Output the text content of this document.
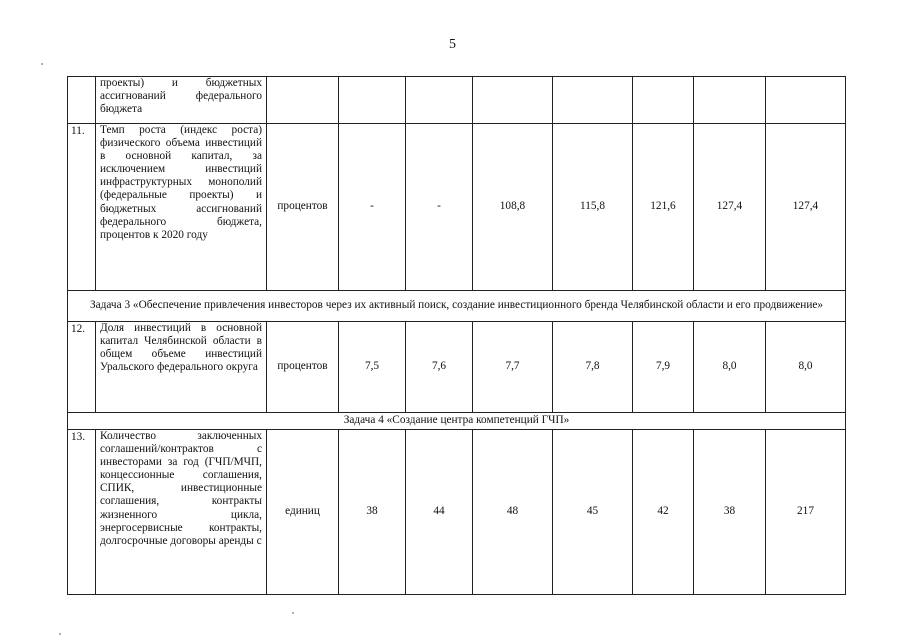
5
	проекты) и бюджетных ассигнований федерального бюджета								
11.	Темп роста (индекс роста) физического объема инвестиций в основной капитал, за исключением инвестиций инфраструктурных монополий (федеральные проекты) и бюджетных ассигнований федерального бюджета, процентов к 2020 году	процентов	-	-	108,8	115,8	121,6	127,4	127,4
Задача 3 «Обеспечение привлечения инвесторов через их активный поиск, создание инвестиционного бренда Челябинской области и его продвижение»									
12.	Доля инвестиций в основной капитал Челябинской области в общем объеме инвестиций Уральского федерального округа	процентов	7,5	7,6	7,7	7,8	7,9	8,0	8,0
Задача 4 «Создание центра компетенций ГЧП»									
13.	Количество заключенных соглашений/контрактов с инвесторами за год (ГЧП/МЧП, концессионные соглашения, СПИК, инвестиционные соглашения, контракты жизненного цикла, энергосервисные контракты, долгосрочные договоры аренды с	единиц	38	44	48	45	42	38	217
